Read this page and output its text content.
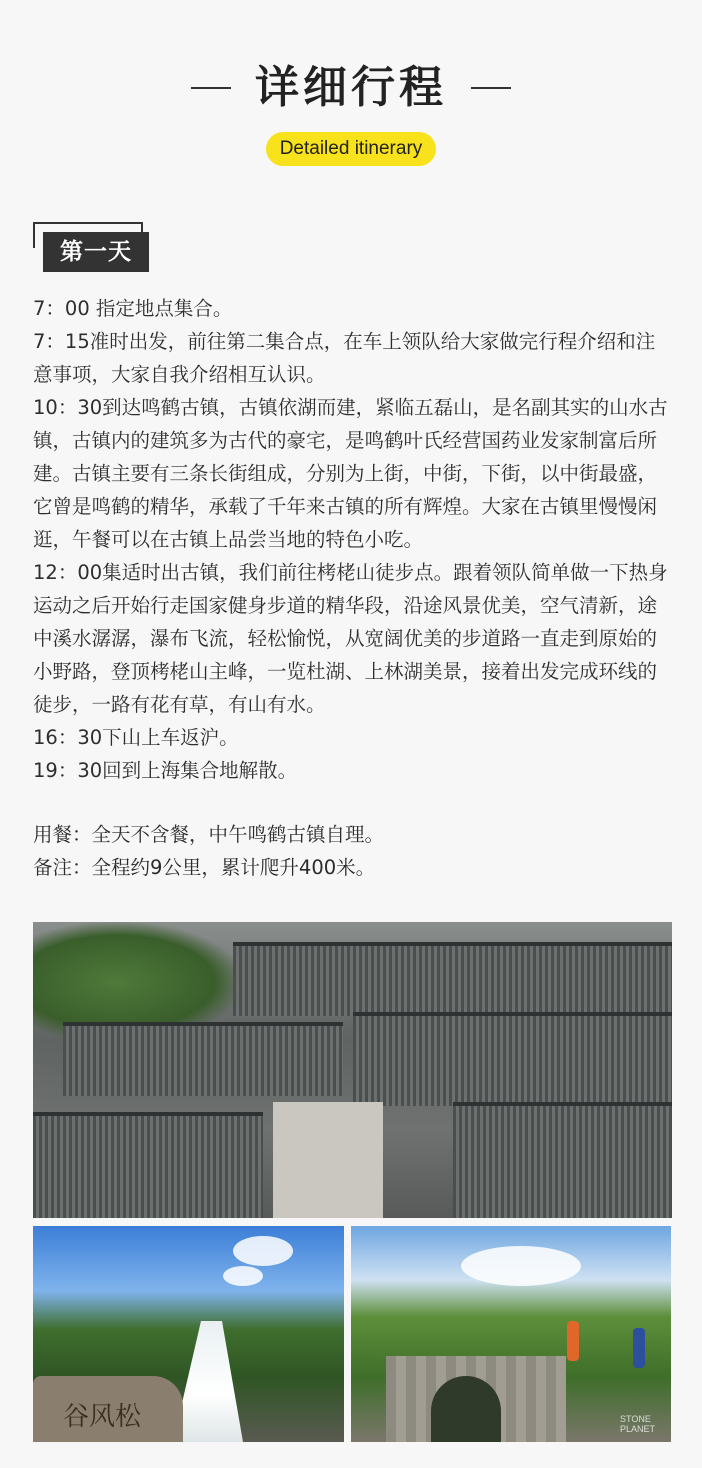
详细行程
Detailed itinerary
第一天

7：00 指定地点集合。

7：15准时出发，前往第二集合点，在车上领队给大家做完行程介绍和注意事项，大家自我介绍相互认识。

10：30到达鸣鹤古镇，古镇依湖而建，紧临五磊山，是名副其实的山水古镇，古镇内的建筑多为古代的豪宅，是鸣鹤叶氏经营国药业发家制富后所建。古镇主要有三条长街组成，分别为上街，中街，下街，以中街最盛，它曾是鸣鹤的精华，承载了千年来古镇的所有辉煌。大家在古镇里慢慢闲逛，午餐可以在古镇上品尝当地的特色小吃。

12：00集适时出古镇，我们前往栲栳山徒步点。跟着领队简单做一下热身运动之后开始行走国家健身步道的精华段，沿途风景优美，空气清新，途中溪水潺潺，瀑布飞流，轻松愉悦，从宽阔优美的步道路一直走到原始的小野路，登顶栲栳山主峰，一览杜湖、上林湖美景，接着出发完成环线的徒步，一路有花有草，有山有水。

16：30下山上车返沪。

19：30回到上海集合地解散。

用餐：全天不含餐，中午鸣鹤古镇自理。

备注：全程约9公里，累计爬升400米。

谷风松	STONE
PLANET
